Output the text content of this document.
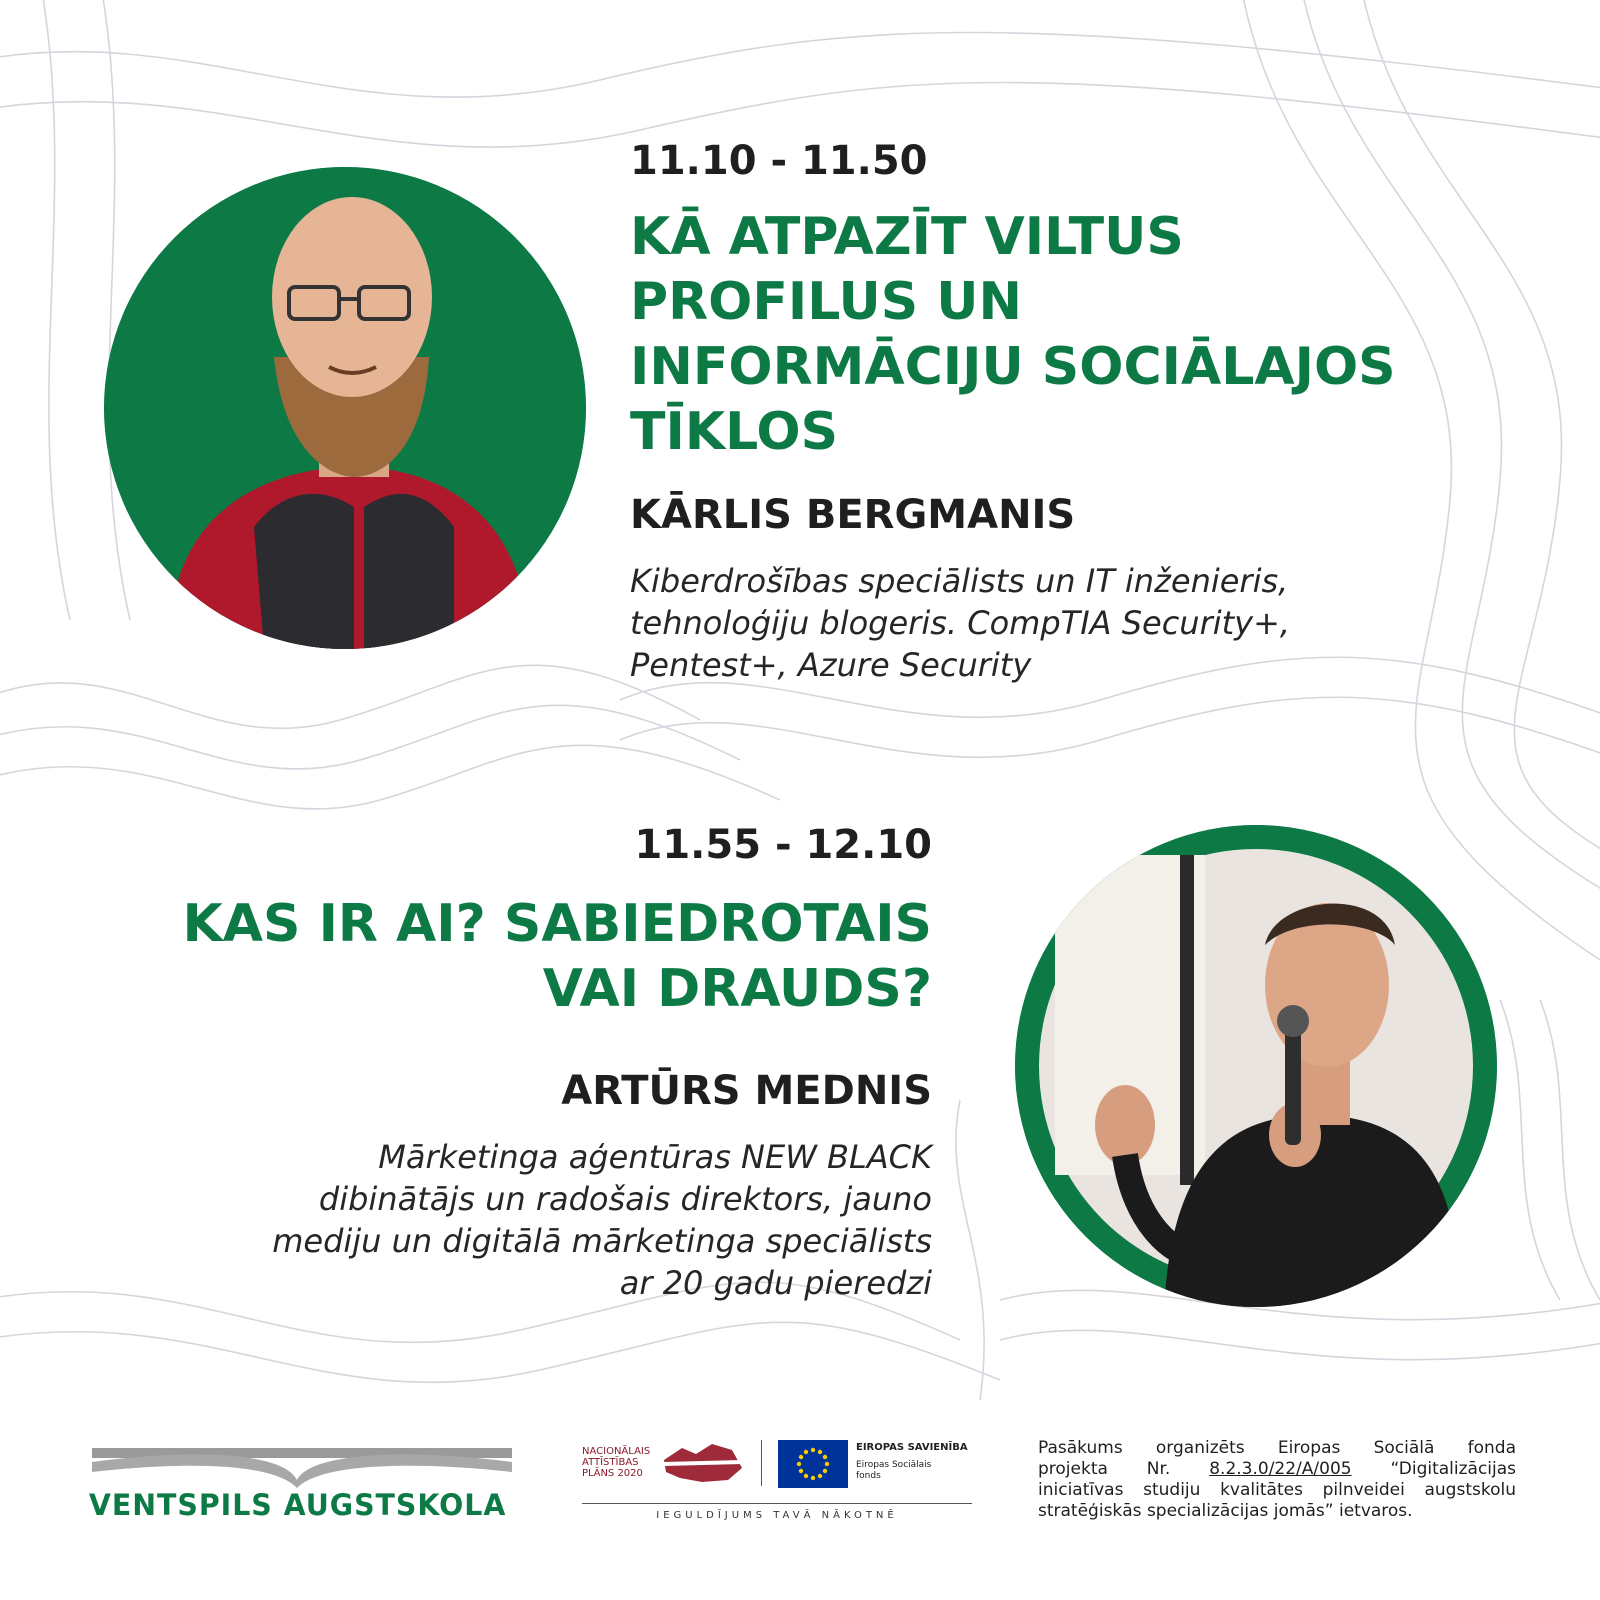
11.10 - 11.50
KĀ ATPAZĪT VILTUS
PROFILUS UN
INFORMĀCIJU SOCIĀLAJOS
TĪKLOS
KĀRLIS BERGMANIS
Kiberdrošības speciālists un IT inženieris,
tehnoloģiju blogeris. CompTIA Security+,
Pentest+, Azure Security
11.55 - 12.10
KAS IR AI? SABIEDROTAIS
VAI DRAUDS?
ARTŪRS MEDNIS
Mārketinga aģentūras NEW BLACK
dibinātājs un radošais direktors, jauno
mediju un digitālā mārketinga speciālists
ar 20 gadu pieredzi
VENTSPILS AUGSTSKOLA
NACIONĀLAIS
ATTĪSTĪBAS
PLĀNS 2020
EIROPAS SAVIENĪBA
Eiropas Sociālais
fonds
IEGULDĪJUMS TAVĀ NĀKOTNĒ
Pasākums organizēts Eiropas Sociālā fonda
projekta Nr. 8.2.3.0/22/A/005 “Digitalizācijas
iniciatīvas studiju kvalitātes pilnveidei augstskolu
stratēģiskās specializācijas jomās” ietvaros.
